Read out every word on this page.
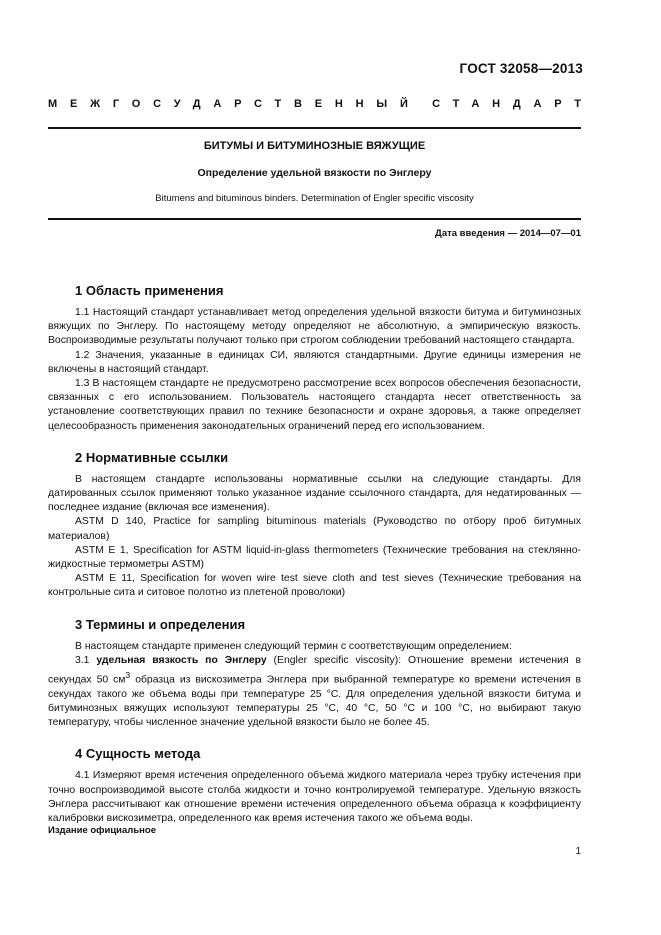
ГОСТ 32058—2013
МЕЖГОСУДАРСТВЕННЫЙ СТАНДАРТ
БИТУМЫ И БИТУМИНОЗНЫЕ ВЯЖУЩИЕ
Определение удельной вязкости по Энглеру
Bitumens and bituminous binders. Determination of Engler specific viscosity
Дата введения — 2014—07—01
1 Область применения

1.1 Настоящий стандарт устанавливает метод определения удельной вязкости битума и битуминозных вяжущих по Энглеру. По настоящему методу определяют не абсолютную, а эмпирическую вязкость. Воспроизводимые результаты получают только при строгом соблюдении требований настоящего стандарта.

1.2 Значения, указанные в единицах СИ, являются стандартными. Другие единицы измерения не включены в настоящий стандарт.

1.3 В настоящем стандарте не предусмотрено рассмотрение всех вопросов обеспечения безопасности, связанных с его использованием. Пользователь настоящего стандарта несет ответственность за установление соответствующих правил по технике безопасности и охране здоровья, а также определяет целесообразность применения законодательных ограничений перед его использованием.

2 Нормативные ссылки

В настоящем стандарте использованы нормативные ссылки на следующие стандарты. Для датированных ссылок применяют только указанное издание ссылочного стандарта, для недатированных — последнее издание (включая все изменения).

ASTM D 140, Practice for sampling bituminous materials (Руководство по отбору проб битумных материалов)

ASTM E 1, Specification for ASTM liquid-in-glass thermometers (Технические требования на стеклянно-жидкостные термометры ASTM)

ASTM E 11, Specification for woven wire test sieve cloth and test sieves (Технические требования на контрольные сита и ситовое полотно из плетеной проволоки)

3 Термины и определения

В настоящем стандарте применен следующий термин с соответствующим определением:

3.1 удельная вязкость по Энглеру (Engler specific viscosity): Отношение времени истечения в секундах 50 $см^3$ образца из вискозиметра Энглера при выбранной температуре ко времени истечения в секундах такого же объема воды при температуре 25 °С. Для определения удельной вязкости битума и битуминозных вяжущих используют температуры 25 °С, 40 °С, 50 °С и 100 °С, но выбирают такую температуру, чтобы численное значение удельной вязкости было не более 45.

4 Сущность метода

4.1 Измеряют время истечения определенного объема жидкого материала через трубку истечения при точно воспроизводимой высоте столба жидкости и точно контролируемой температуре. Удельную вязкость Энглера рассчитывают как отношение времени истечения определенного объема образца к коэффициенту калибровки вискозиметра, определенного как время истечения такого же объема воды.

Издание официальное
1
